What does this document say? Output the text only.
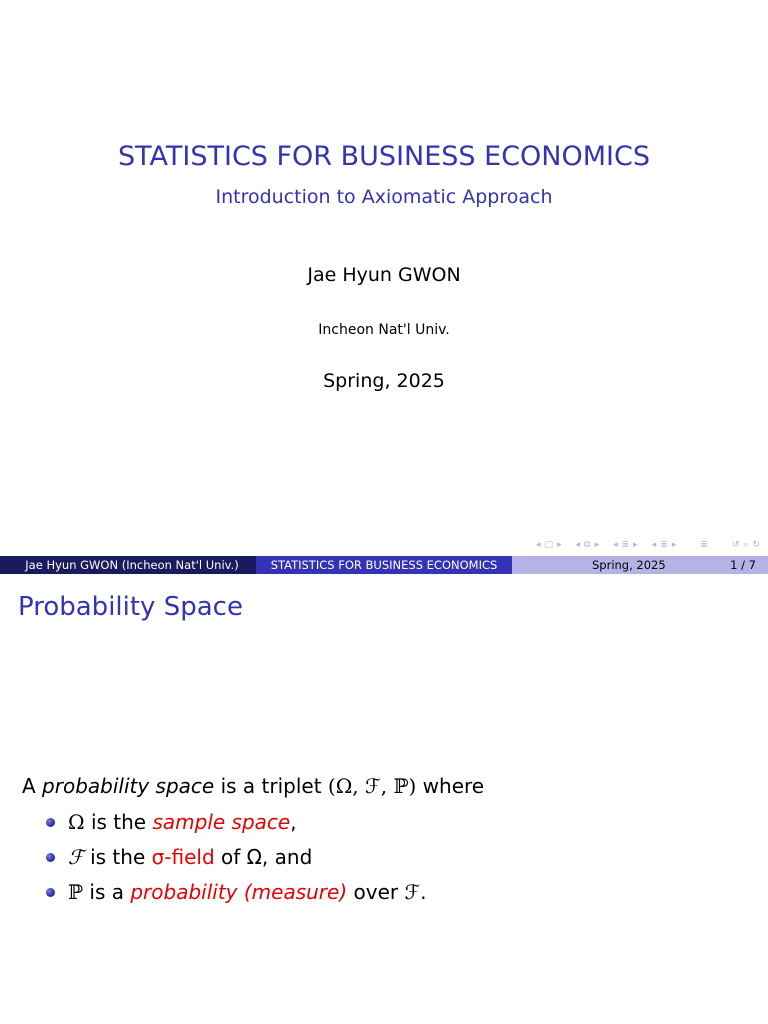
STATISTICS FOR BUSINESS ECONOMICS
Introduction to Axiomatic Approach
Jae Hyun GWON
Incheon Nat'l Univ.
Spring, 2025
◂ □ ▸ ◂ ⧉ ▸ ◂ ≣ ▸ ◂ ≣ ▸	≣	↺ ⌕ ↻
Jae Hyun GWON (Incheon Nat'l Univ.)	STATISTICS FOR BUSINESS ECONOMICS	Spring, 2025	1 / 7
Probability Space
A probability space is a triplet (Ω, ℱ, ℙ) where
Ω is the sample space,
ℱ is the σ-field of Ω, and
ℙ is a probability (measure) over ℱ.
